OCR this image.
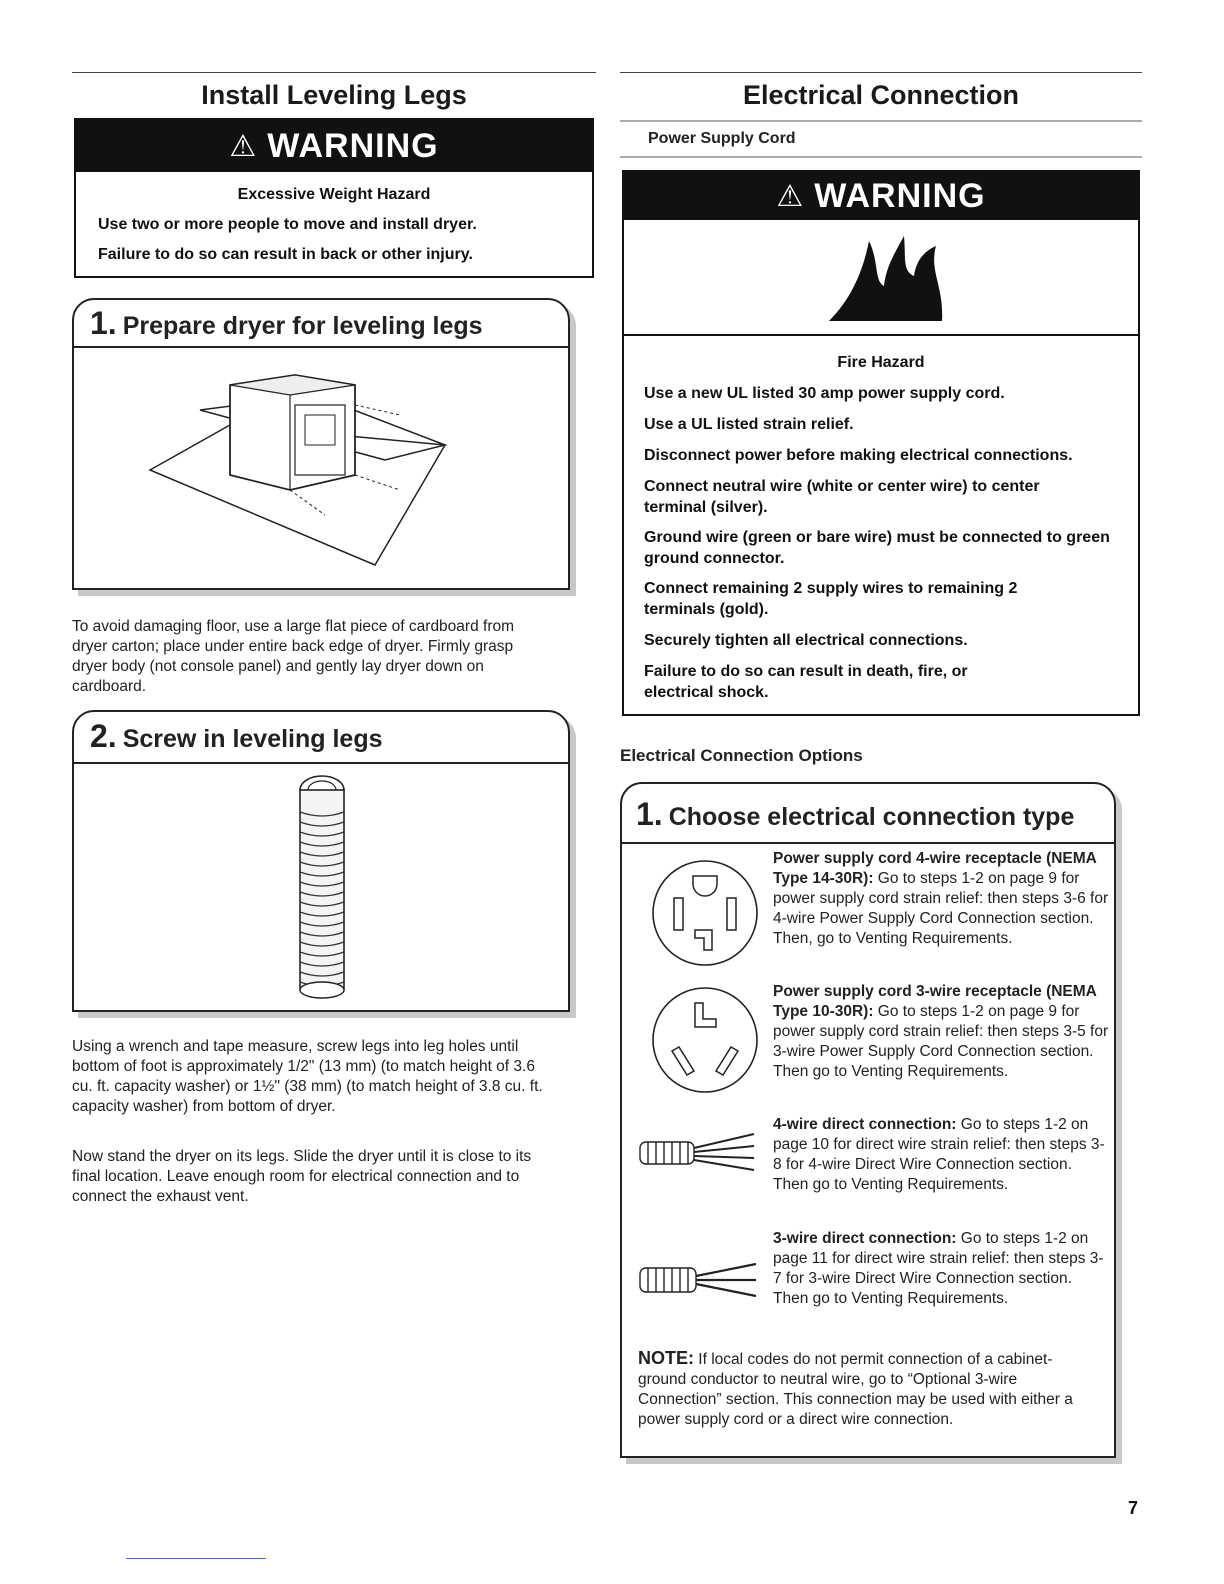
Install Leveling Legs
⚠ WARNING
Excessive Weight Hazard
Use two or more people to move and install dryer.
Failure to do so can result in back or other injury.
1. Prepare dryer for leveling legs
To avoid damaging floor, use a large flat piece of cardboard from dryer carton; place under entire back edge of dryer. Firmly grasp dryer body (not console panel) and gently lay dryer down on cardboard.
2. Screw in leveling legs
Using a wrench and tape measure, screw legs into leg holes until bottom of foot is approximately 1/2" (13 mm) (to match height of 3.6 cu. ft. capacity washer) or 1½" (38 mm) (to match height of 3.8 cu. ft. capacity washer) from bottom of dryer.
Now stand the dryer on its legs. Slide the dryer until it is close to its final location. Leave enough room for electrical connection and to connect the exhaust vent.
Electrical Connection
Power Supply Cord
⚠ WARNING
Fire Hazard
Use a new UL listed 30 amp power supply cord.
Use a UL listed strain relief.
Disconnect power before making electrical connections.
Connect neutral wire (white or center wire) to center terminal (silver).
Ground wire (green or bare wire) must be connected to green ground connector.
Connect remaining 2 supply wires to remaining 2 terminals (gold).
Securely tighten all electrical connections.
Failure to do so can result in death, fire, or electrical shock.
Electrical Connection Options
1. Choose electrical connection type
Power supply cord 4-wire receptacle (NEMA Type 14-30R): Go to steps 1-2 on page 9 for power supply cord strain relief: then steps 3-6 for 4-wire Power Supply Cord Connection section. Then, go to Venting Requirements.
Power supply cord 3-wire receptacle (NEMA Type 10-30R): Go to steps 1-2 on page 9 for power supply cord strain relief: then steps 3-5 for 3-wire Power Supply Cord Connection section. Then go to Venting Requirements.
4-wire direct connection: Go to steps 1-2 on page 10 for direct wire strain relief: then steps 3-8 for 4-wire Direct Wire Connection section. Then go to Venting Requirements.
3-wire direct connection: Go to steps 1-2 on page 11 for direct wire strain relief: then steps 3-7 for 3-wire Direct Wire Connection section. Then go to Venting Requirements.
NOTE: If local codes do not permit connection of a cabinet-ground conductor to neutral wire, go to “Optional 3-wire Connection” section. This connection may be used with either a power supply cord or a direct wire connection.
7
